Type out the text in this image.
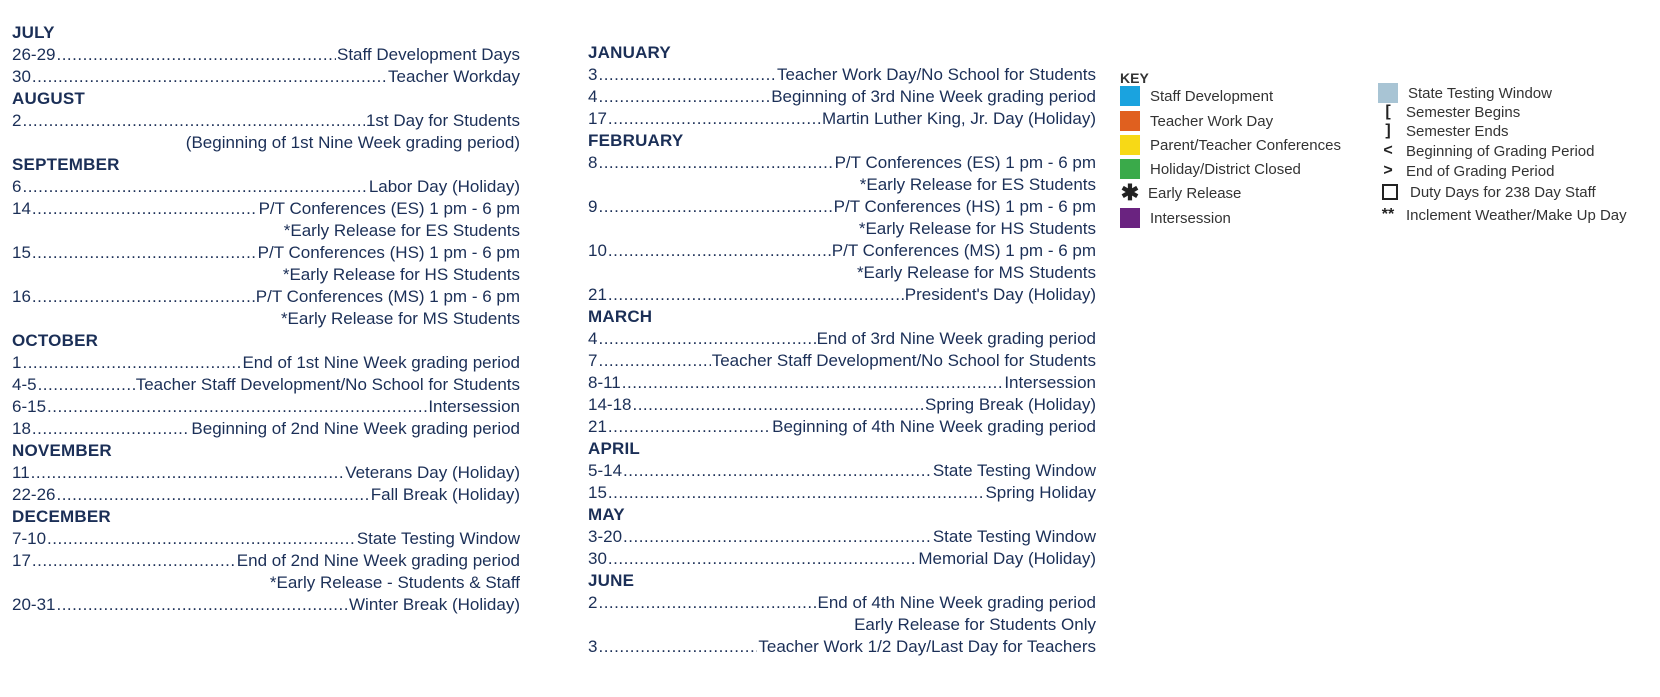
JULY
26-29 .....	Staff Development Days
30 .....	Teacher Workday
AUGUST
2 .....	1st Day for Students
(Beginning of 1st Nine Week grading period)
SEPTEMBER
6 .....	Labor Day (Holiday)
14 .....	P/T Conferences (ES) 1 pm - 6 pm
*Early Release for ES Students
15 .....	P/T Conferences (HS) 1 pm - 6 pm
*Early Release for HS Students
16 .....	P/T Conferences (MS) 1 pm - 6 pm
*Early Release for MS Students
OCTOBER
1 .....	End of 1st Nine Week grading period
4-5 .....	Teacher Staff Development/No School for Students
6-15 .....	Intersession
18 .....	Beginning of 2nd Nine Week grading period
NOVEMBER
11 .....	Veterans Day (Holiday)
22-26 .....	Fall Break (Holiday)
DECEMBER
7-10 .....	State Testing Window
17 .....	End of 2nd Nine Week grading period
*Early Release - Students & Staff
20-31 .....	Winter Break (Holiday)
JANUARY
3 .....	Teacher Work Day/No School for Students
4 .....	Beginning of 3rd Nine Week grading period
17 .....	Martin Luther King, Jr. Day (Holiday)
FEBRUARY
8 .....	P/T Conferences (ES) 1 pm - 6 pm
*Early Release for ES Students
9 .....	P/T Conferences (HS) 1 pm - 6 pm
*Early Release for HS Students
10 .....	P/T Conferences (MS) 1 pm - 6 pm
*Early Release for MS Students
21 .....	President's Day (Holiday)
MARCH
4 .....	End of 3rd Nine Week grading period
7 .....	Teacher Staff Development/No School for Students
8-11 .....	Intersession
14-18 .....	Spring Break (Holiday)
21 .....	Beginning of 4th Nine Week grading period
APRIL
5-14 .....	State Testing Window
15 .....	Spring Holiday
MAY
3-20 .....	State Testing Window
30 .....	Memorial Day (Holiday)
JUNE
2 .....	End of 4th Nine Week grading period
Early Release for Students Only
3 .....	Teacher Work 1/2 Day/Last Day for Teachers
KEY
Staff Development
Teacher Work Day
Parent/Teacher Conferences
Holiday/District Closed
✱ Early Release
Intersession
State Testing Window
[	Semester Begins
]	Semester Ends
< Beginning of Grading Period
> End of Grading Period
Duty Days for 238 Day Staff
** Inclement Weather/Make Up Day
